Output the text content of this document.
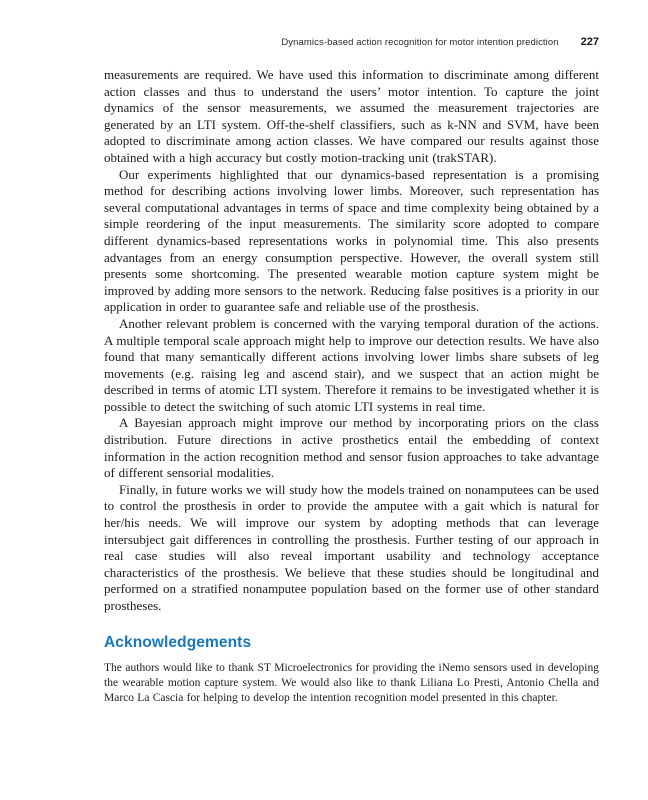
Dynamics-based action recognition for motor intention prediction 227

measurements are required. We have used this information to discriminate among different action classes and thus to understand the users’ motor intention. To capture the joint dynamics of the sensor measurements, we assumed the measurement trajectories are generated by an LTI system. Off-the-shelf classifiers, such as k-NN and SVM, have been adopted to discriminate among action classes. We have compared our results against those obtained with a high accuracy but costly motion-tracking unit (trakSTAR).

Our experiments highlighted that our dynamics-based representation is a promising method for describing actions involving lower limbs. Moreover, such representation has several computational advantages in terms of space and time complexity being obtained by a simple reordering of the input measurements. The similarity score adopted to compare different dynamics-based representations works in polynomial time. This also presents advantages from an energy consumption perspective. However, the overall system still presents some shortcoming. The presented wearable motion capture system might be improved by adding more sensors to the network. Reducing false positives is a priority in our application in order to guarantee safe and reliable use of the prosthesis.

Another relevant problem is concerned with the varying temporal duration of the actions. A multiple temporal scale approach might help to improve our detection results. We have also found that many semantically different actions involving lower limbs share subsets of leg movements (e.g. raising leg and ascend stair), and we suspect that an action might be described in terms of atomic LTI system. Therefore it remains to be investigated whether it is possible to detect the switching of such atomic LTI systems in real time.

A Bayesian approach might improve our method by incorporating priors on the class distribution. Future directions in active prosthetics entail the embedding of context information in the action recognition method and sensor fusion approaches to take advantage of different sensorial modalities.

Finally, in future works we will study how the models trained on nonamputees can be used to control the prosthesis in order to provide the amputee with a gait which is natural for her/his needs. We will improve our system by adopting methods that can leverage intersubject gait differences in controlling the prosthesis. Further testing of our approach in real case studies will also reveal important usability and technology acceptance characteristics of the prosthesis. We believe that these studies should be longitudinal and performed on a stratified nonamputee population based on the former use of other standard prostheses.

Acknowledgements

The authors would like to thank ST Microelectronics for providing the iNemo sensors used in developing the wearable motion capture system. We would also like to thank Liliana Lo Presti, Antonio Chella and Marco La Cascia for helping to develop the intention recognition model presented in this chapter.
